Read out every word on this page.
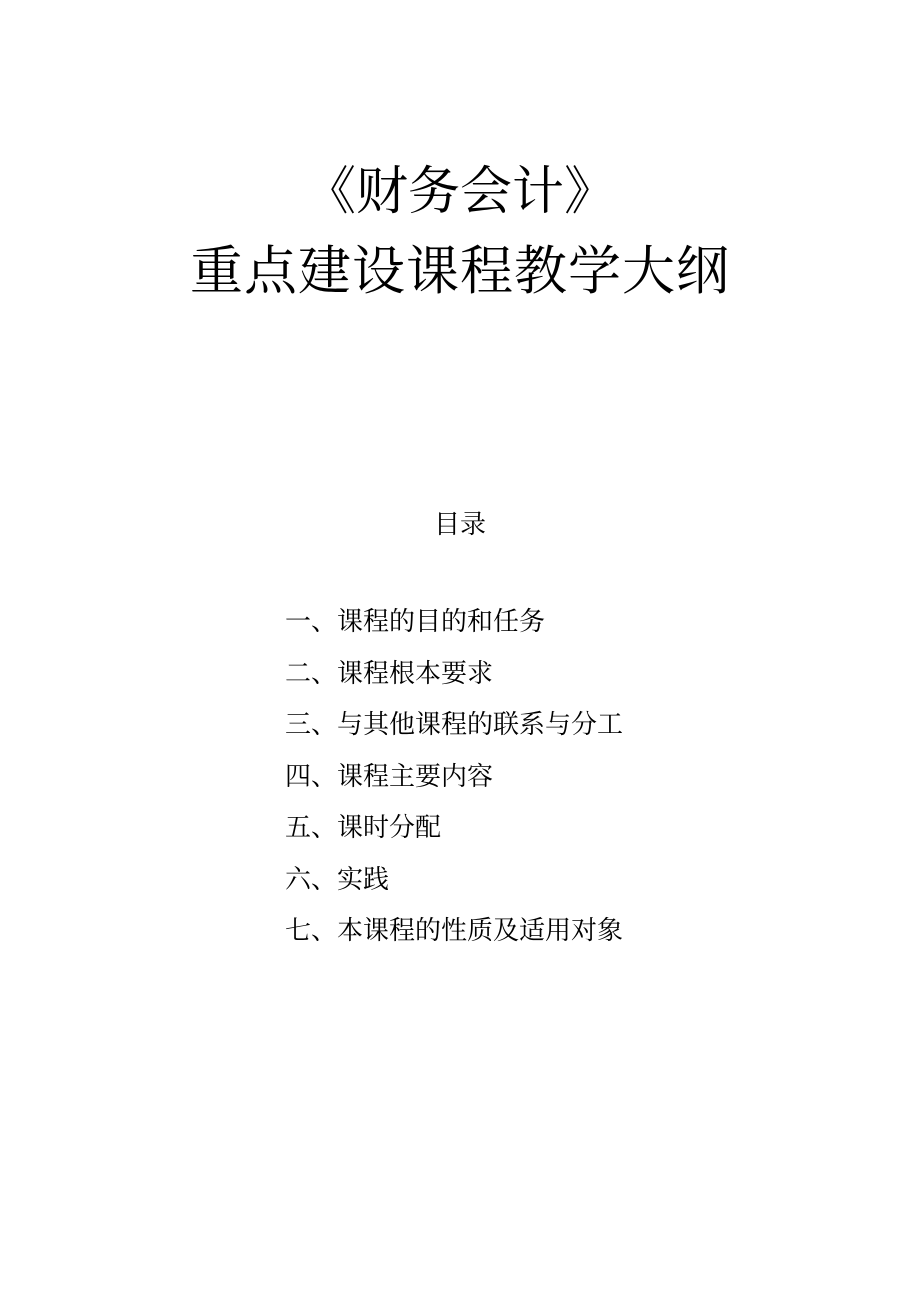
《财务会计》
重点建设课程教学大纲
目录
一、课程的目的和任务
二、课程根本要求
三、与其他课程的联系与分工
四、课程主要内容
五、课时分配
六、实践
七、本课程的性质及适用对象
